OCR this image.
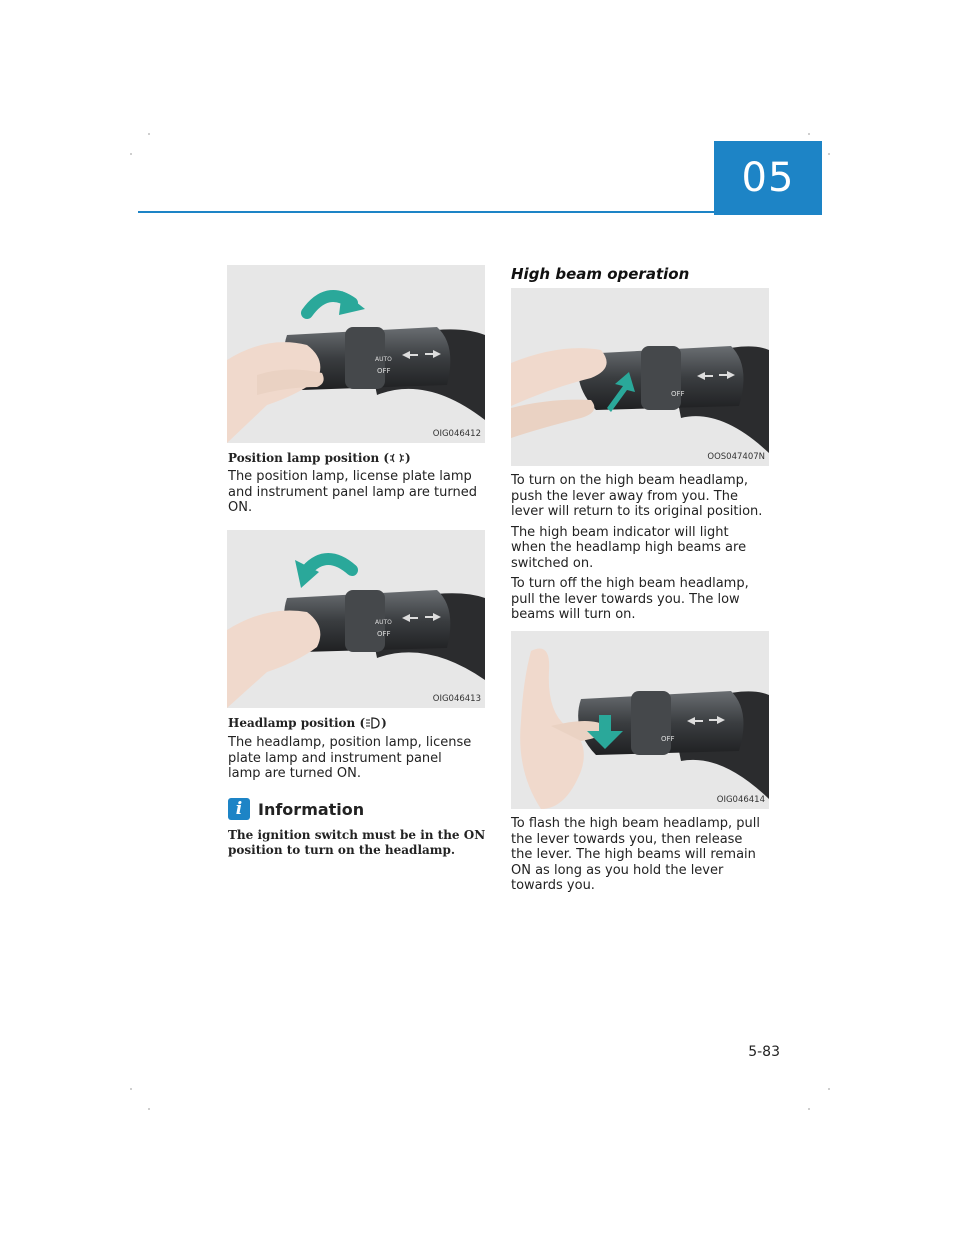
05
OFF
AUTO
OIG046412
Position lamp position ( )

The position lamp, license plate lamp and instrument panel lamp are turned ON.

OFF
AUTO
OIG046413
Headlamp position ( )

The headlamp, position lamp, license plate lamp and instrument panel lamp are turned ON.

i Information
The ignition switch must be in the ON position to turn on the headlamp.
High beam operation
OFF
OOS047407N

To turn on the high beam headlamp, push the lever away from you. The lever will return to its original position.

The high beam indicator will light when the headlamp high beams are switched on.

To turn off the high beam headlamp, pull the lever towards you. The low beams will turn on.

OFF
OIG046414

To flash the high beam headlamp, pull the lever towards you, then release the lever. The high beams will remain ON as long as you hold the lever towards you.

5-83
